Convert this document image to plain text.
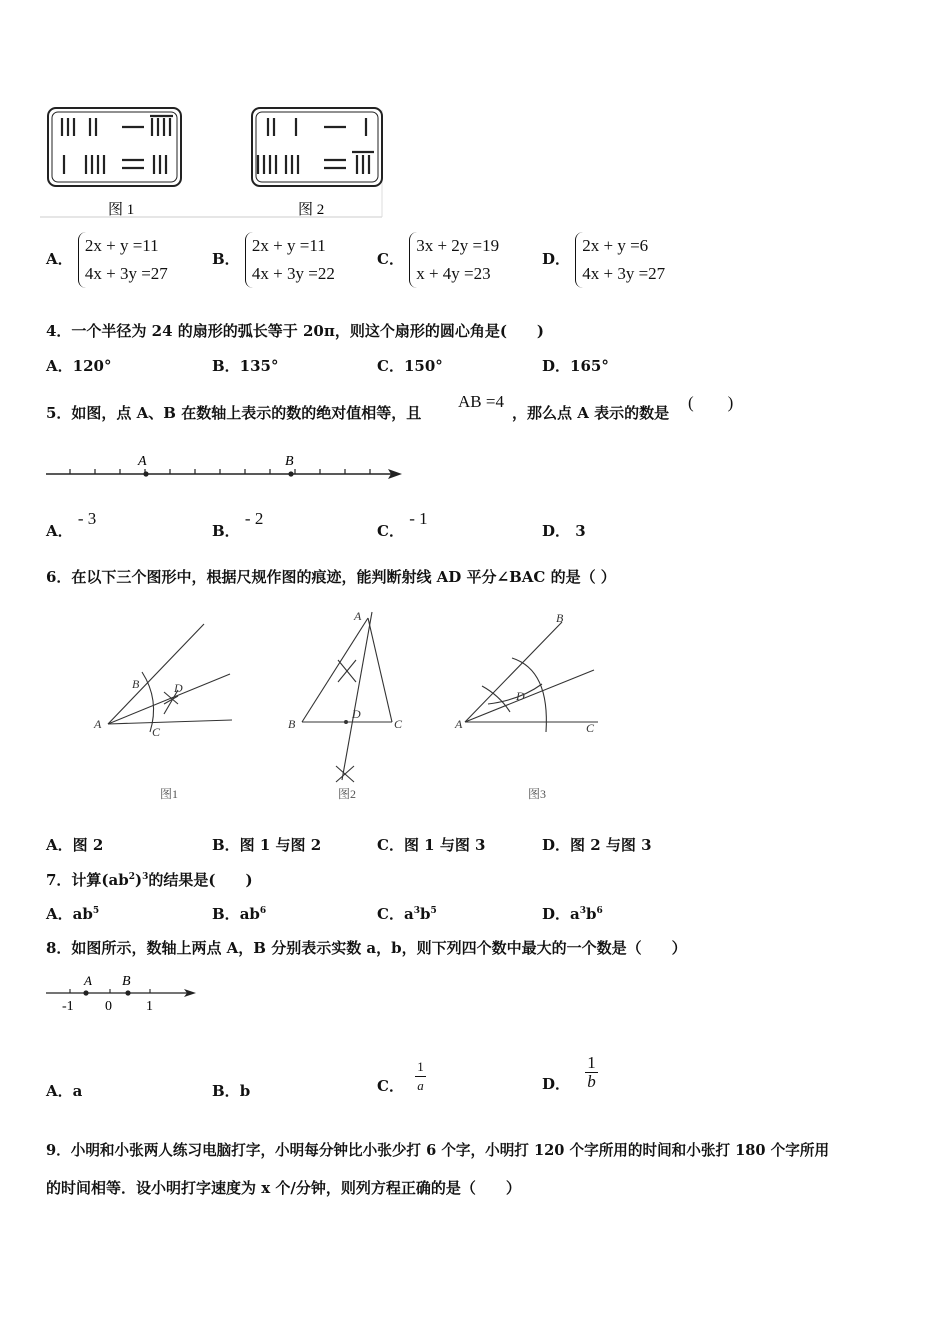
图 1	图 2
A．
2x + y =11
4x + 3y =27
B．
2x + y =11
4x + 3y =22
C．
3x + 2y =19
x + 4y =23
D．
2x + y =6
4x + 3y =27
4．一个半径为 24 的扇形的弧长等于 20π，则这个扇形的圆心角是(　　)
A．120°	B．135°	C．150°	D．165°
5．如图，点 A、B 在数轴上表示的数的绝对值相等，且
AB =4
，那么点 A 表示的数是
(　　)
A	B
A． - 3
B． - 2
C． - 1
D． 3
6．在以下三个图形中，根据尺规作图的痕迹，能判断射线 AD 平分∠BAC 的是（ ）
A
B
C
D
A
B	C
D
A
B
C
D
图1	图2	图3
A．图 2	B．图 1 与图 2	C．图 1 与图 3	D．图 2 与图 3
7．计算$(ab^2)^3$的结果是(　　)
A．$ab^5$	B．$ab^6$	C．$a^3b^5$	D．$a^3b^6$
8．如图所示，数轴上两点 A，B 分别表示实数 a，b，则下列四个数中最大的一个数是（　　）
A B
-1 0 1
A．a	B．b	C． $\frac{1}{a}$	D． $\frac{1}{b}$
9．小明和小张两人练习电脑打字，小明每分钟比小张少打 6 个字，小明打 120 个字所用的时间和小张打 180 个字所用
的时间相等．设小明打字速度为 x 个/分钟，则列方程正确的是（　　）
